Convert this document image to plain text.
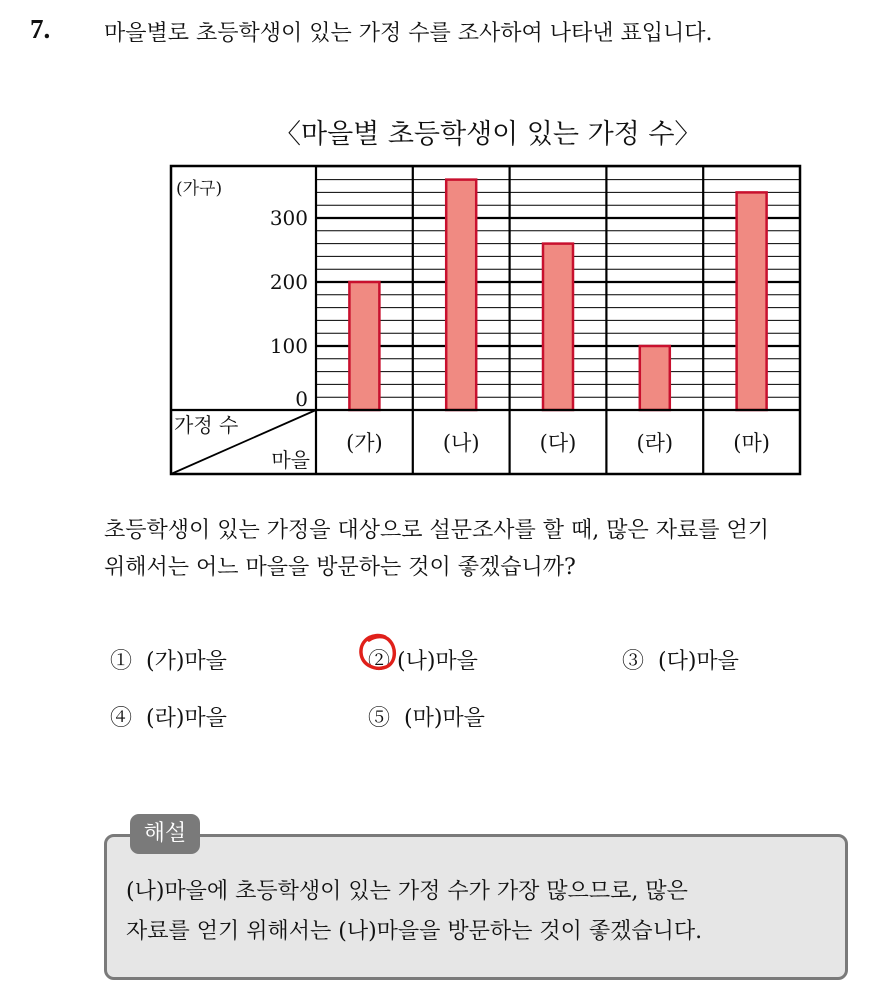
7. 마을별로 초등학생이 있는 가정 수를 조사하여 나타낸 표입니다.
〈마을별 초등학생이 있는 가정 수〉
0
100
200
300
(가구)
가정 수
마을
(가)	(나)	(다)	(라)	(마)
초등학생이 있는 가정을 대상으로 설문조사를 할 때, 많은 자료를 얻기
위해서는 어느 마을을 방문하는 것이 좋겠습니까?
① (가)마을	② (나)마을	③ (다)마을
④ (라)마을	⑤ (마)마을
해설
(나)마을에 초등학생이 있는 가정 수가 가장 많으므로, 많은
자료를 얻기 위해서는 (나)마을을 방문하는 것이 좋겠습니다.
